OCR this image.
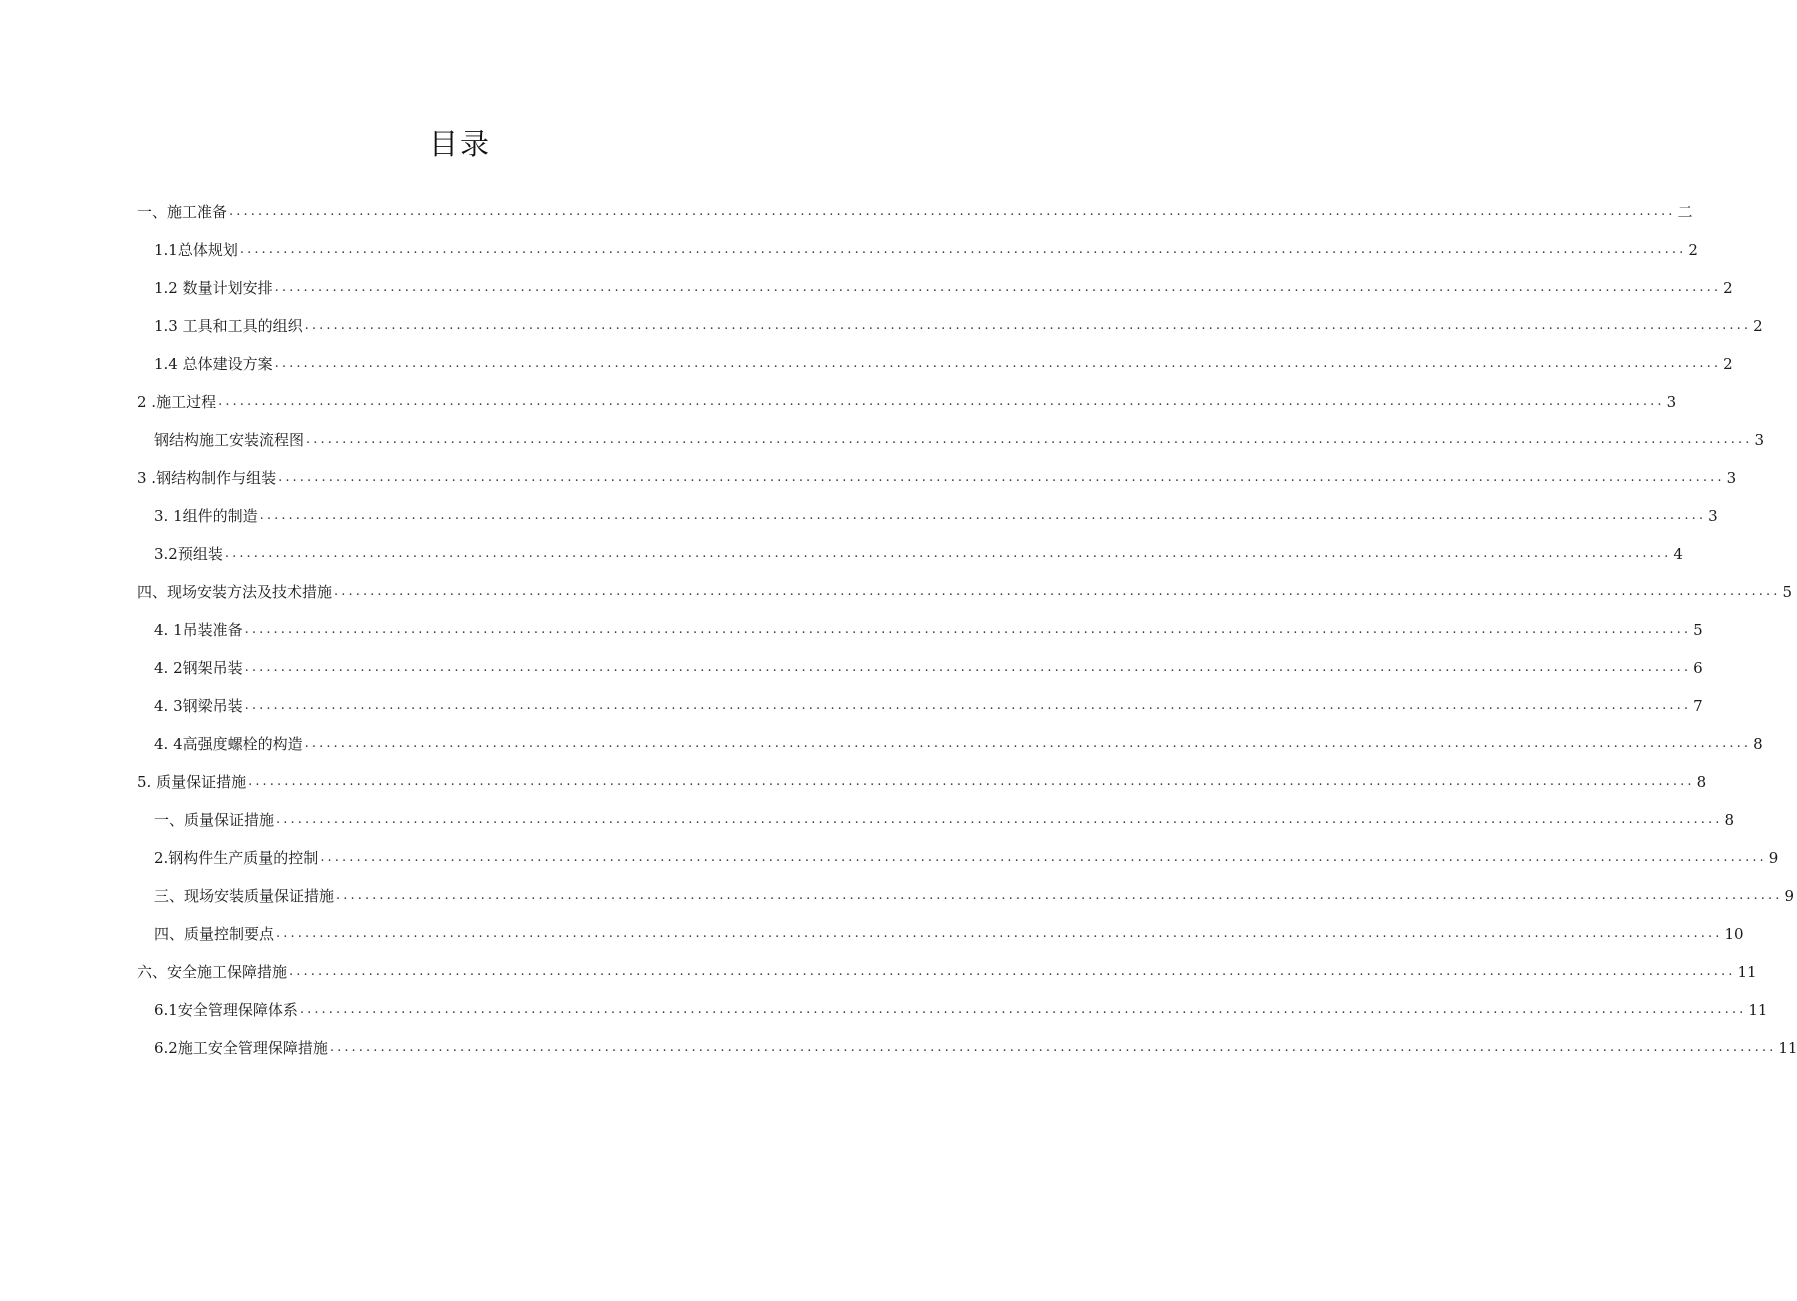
目录
一、施工准备 ........................................................................................................................................................................................................ 二
1.1总体规划 ........................................................................................................................................................................................................ 2
1.2 数量计划安排 ........................................................................................................................................................................................................ 2
1.3 工具和工具的组织 ........................................................................................................................................................................................................ 2
1.4 总体建设方案 ........................................................................................................................................................................................................ 2
2 .施工过程 ........................................................................................................................................................................................................ 3
钢结构施工安装流程图 ........................................................................................................................................................................................................ 3
3 .钢结构制作与组装 ........................................................................................................................................................................................................ 3
3. 1组件的制造 ........................................................................................................................................................................................................ 3
3.2预组装 ........................................................................................................................................................................................................ 4
四、现场安装方法及技术措施 ........................................................................................................................................................................................................ 5
4. 1吊装准备 ........................................................................................................................................................................................................ 5
4. 2钢架吊装 ........................................................................................................................................................................................................ 6
4. 3钢梁吊装 ........................................................................................................................................................................................................ 7
4. 4高强度螺栓的构造 ........................................................................................................................................................................................................ 8
5. 质量保证措施 ........................................................................................................................................................................................................ 8
一、质量保证措施 ........................................................................................................................................................................................................ 8
2.钢构件生产质量的控制 ........................................................................................................................................................................................................ 9
三、现场安装质量保证措施 ........................................................................................................................................................................................................ 9
四、质量控制要点 ........................................................................................................................................................................................................ 10
六、安全施工保障措施 ........................................................................................................................................................................................................ 11
6.1安全管理保障体系 ........................................................................................................................................................................................................ 11
6.2施工安全管理保障措施 ........................................................................................................................................................................................................ 11
